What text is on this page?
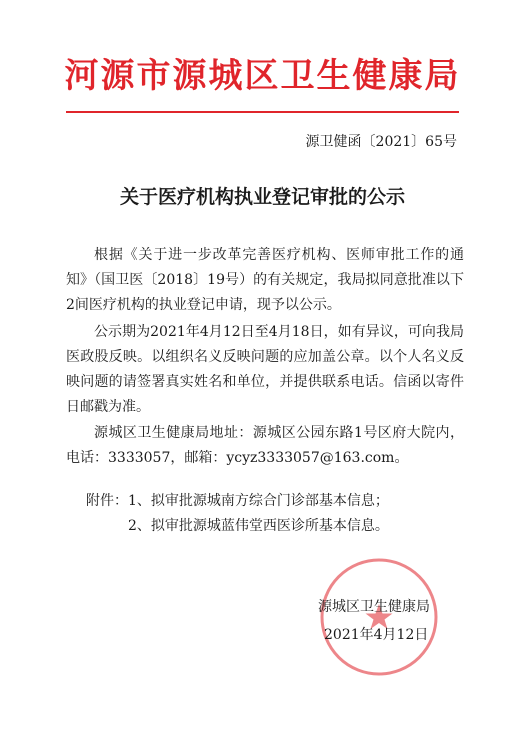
河源市源城区卫生健康局
源卫健函〔2021〕65号
关于医疗机构执业登记审批的公示

根据《关于进一步改革完善医疗机构、医师审批工作的通知》（国卫医〔2018〕19号）的有关规定，我局拟同意批准以下2间医疗机构的执业登记申请，现予以公示。

公示期为2021年4月12日至4月18日，如有异议，可向我局医政股反映。以组织名义反映问题的应加盖公章。以个人名义反映问题的请签署真实姓名和单位，并提供联系电话。信函以寄件日邮戳为准。

源城区卫生健康局地址：源城区公园东路1号区府大院内，电话：3333057，邮箱：ycyz3333057@163.com。

附件：1、拟审批源城南方综合门诊部基本信息；
2、拟审批源城蓝伟堂西医诊所基本信息。
源城区卫生健康局
2021年4月12日
